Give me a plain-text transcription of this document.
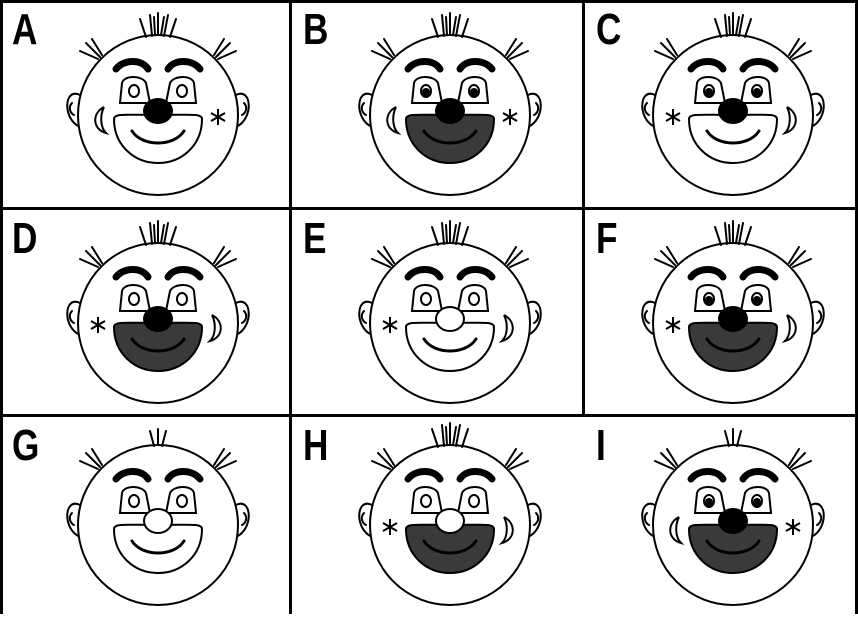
A	B	C
D	E	F
G	H	I
